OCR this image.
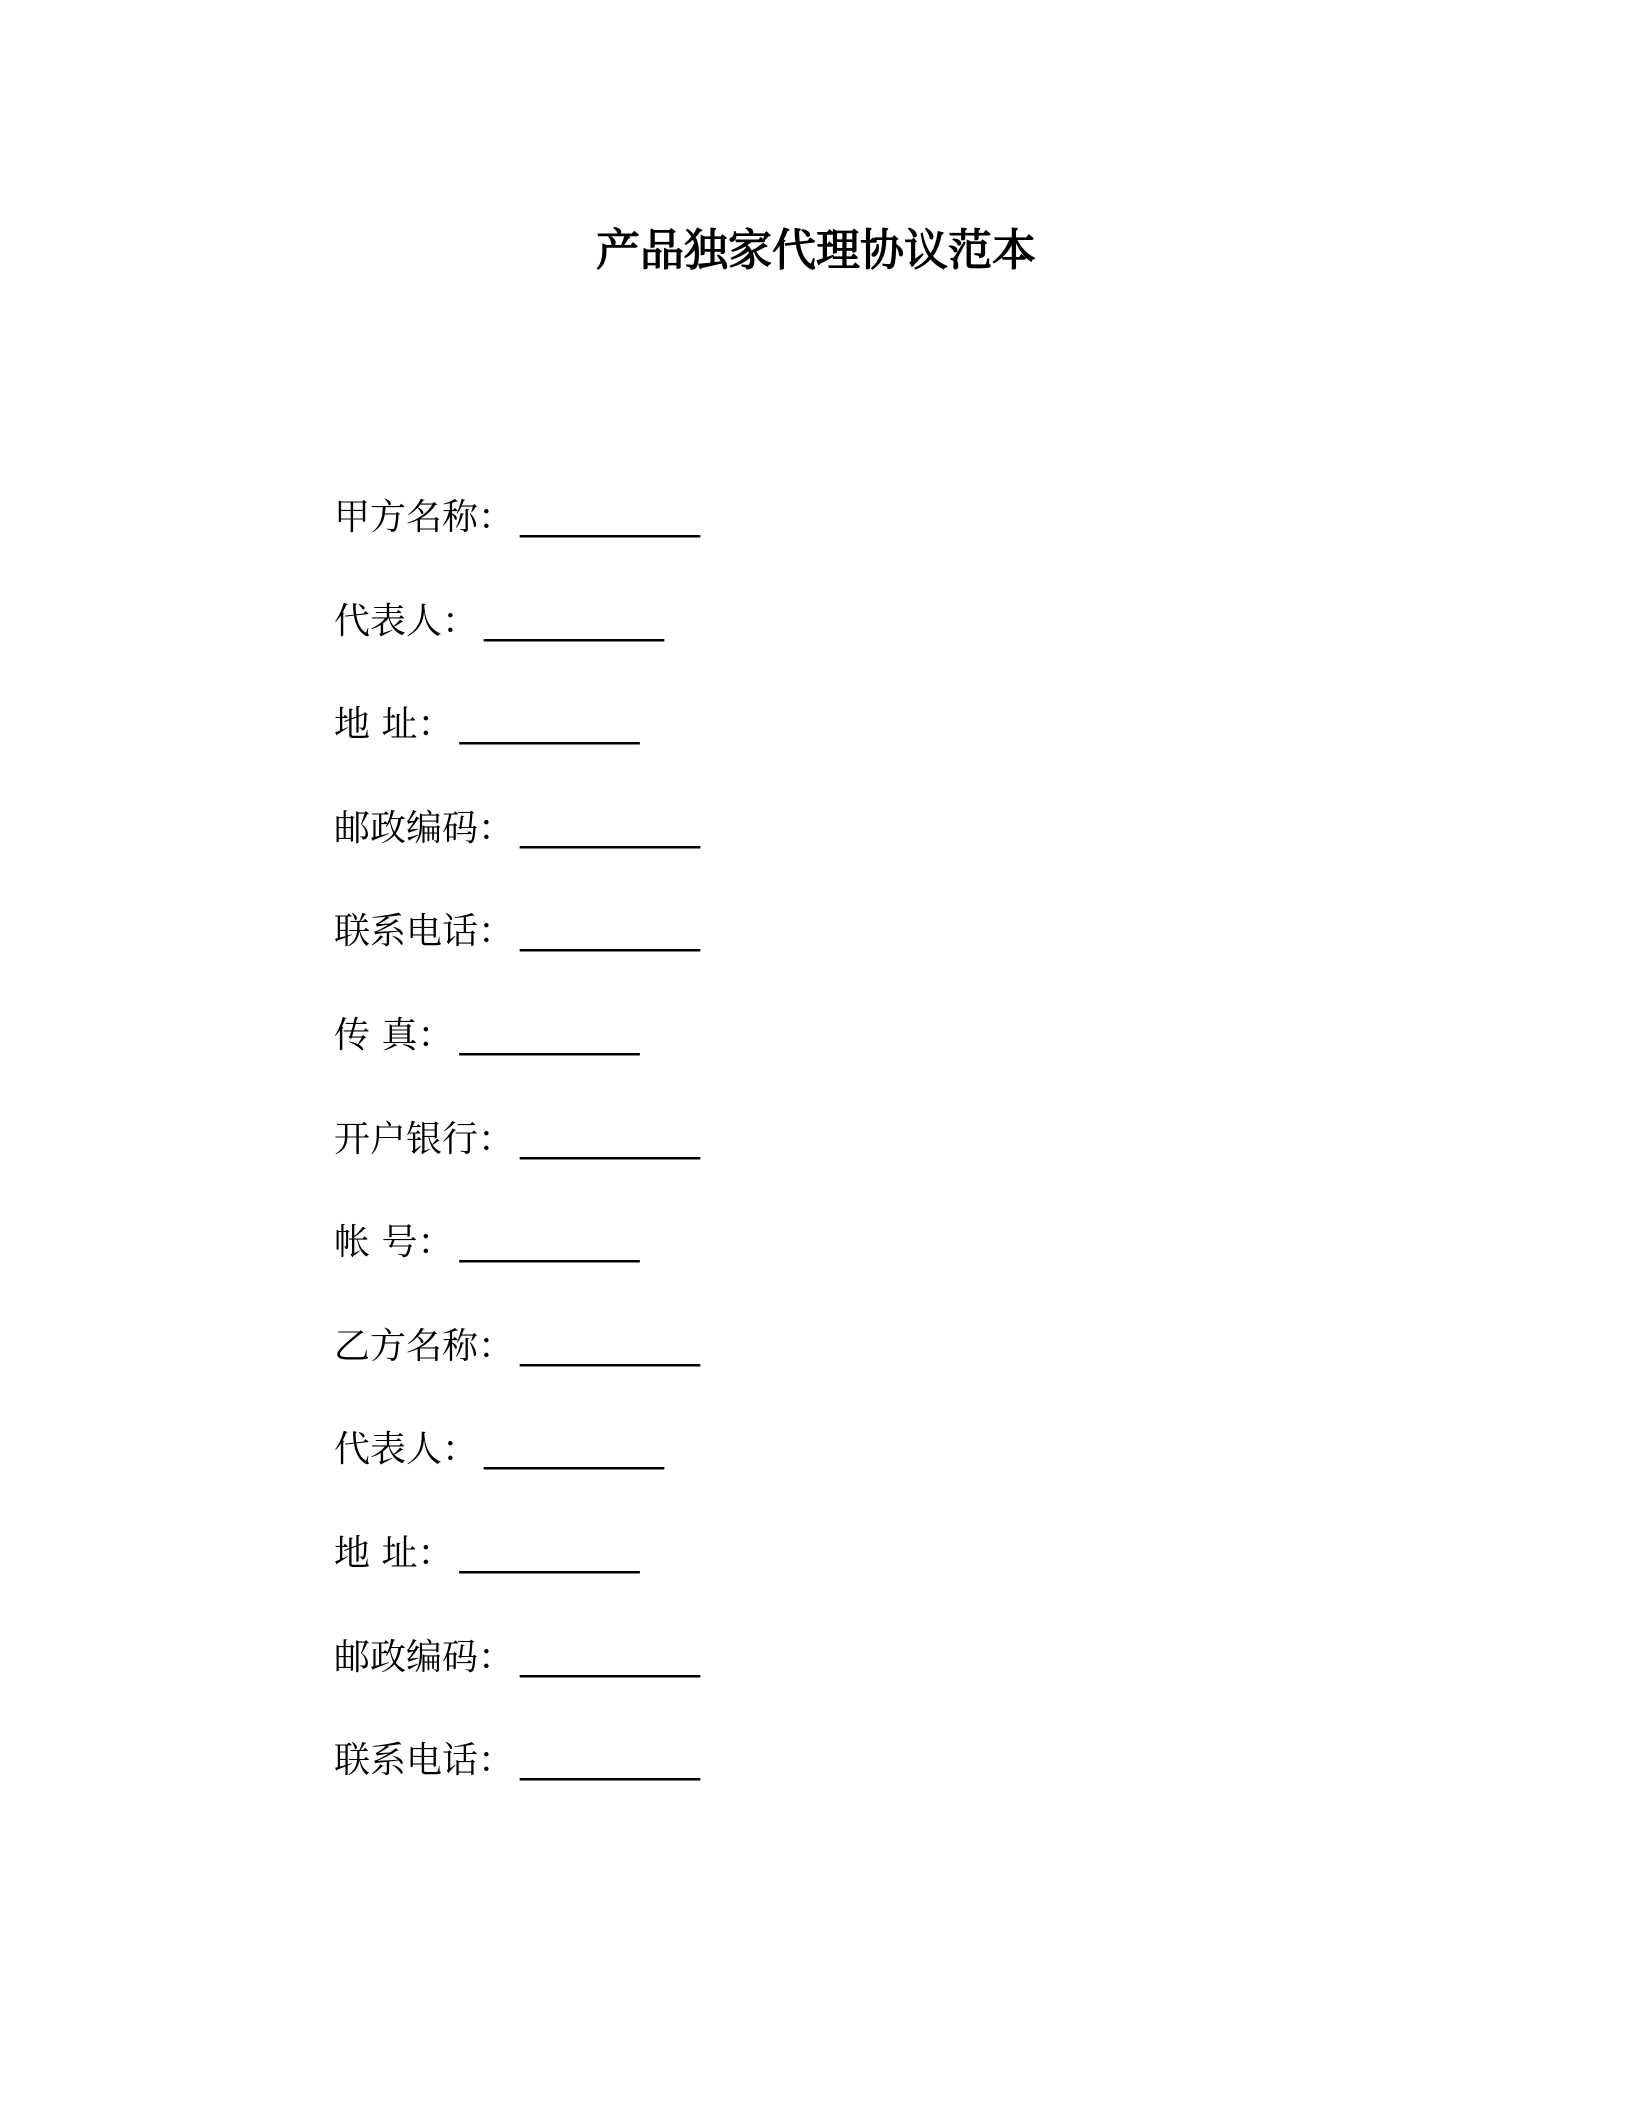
产品独家代理协议范本
甲方名称： __________
代表人： __________
地 址： __________
邮政编码： __________
联系电话： __________
传 真： __________
开户银行： __________
帐 号： __________
乙方名称： __________
代表人： __________
地 址： __________
邮政编码： __________
联系电话： __________
